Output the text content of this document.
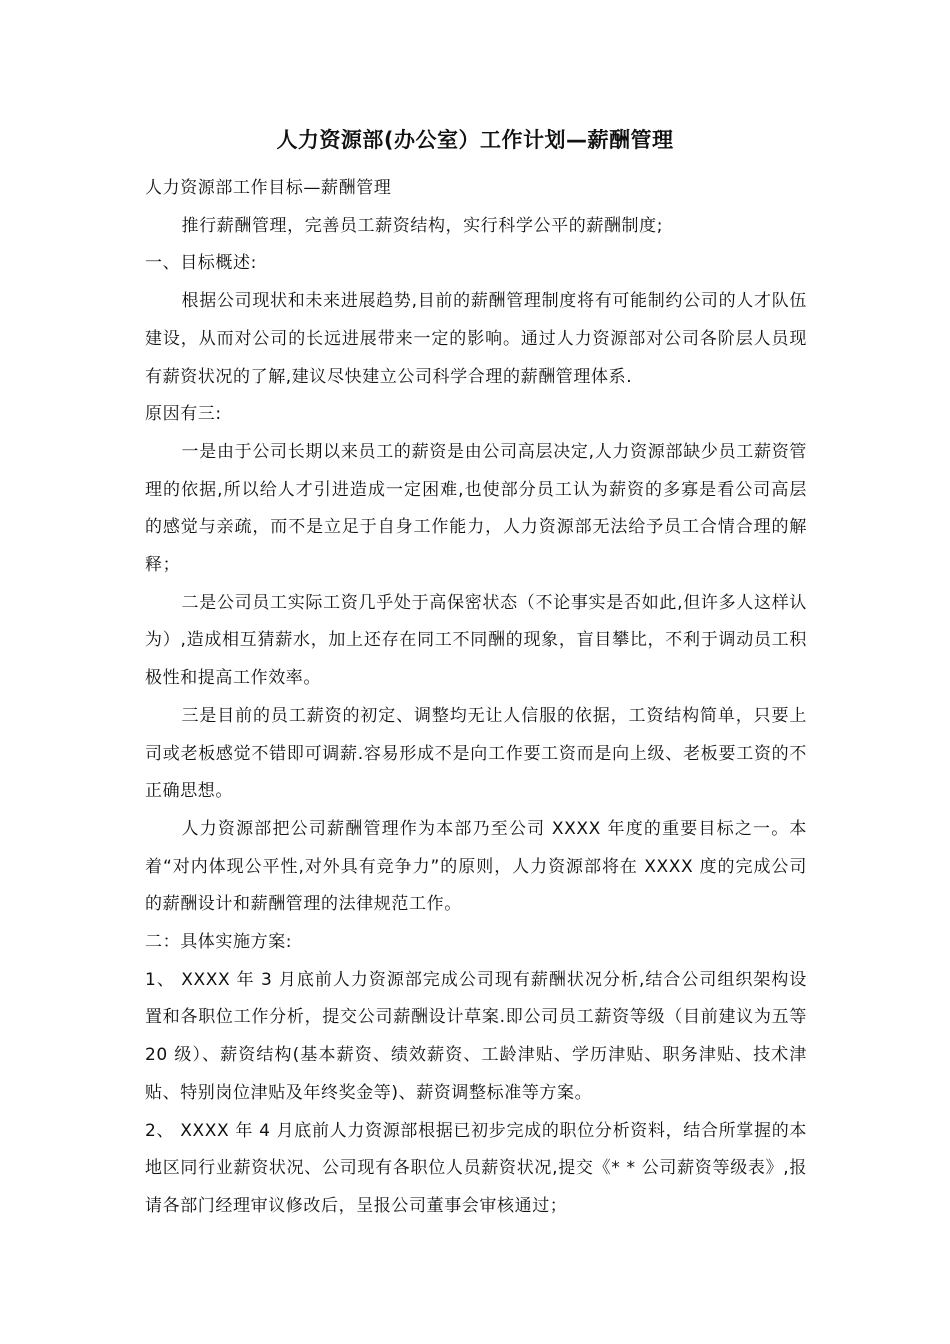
人力资源部(办公室）工作计划—薪酬管理

人力资源部工作目标—薪酬管理

推行薪酬管理，完善员工薪资结构，实行科学公平的薪酬制度;

一、目标概述:

根据公司现状和未来进展趋势,目前的薪酬管理制度将有可能制约公司的人才队伍建设，从而对公司的长远进展带来一定的影响。通过人力资源部对公司各阶层人员现有薪资状况的了解,建议尽快建立公司科学合理的薪酬管理体系.

原因有三:

一是由于公司长期以来员工的薪资是由公司高层决定,人力资源部缺少员工薪资管理的依据,所以给人才引进造成一定困难,也使部分员工认为薪资的多寡是看公司高层的感觉与亲疏，而不是立足于自身工作能力，人力资源部无法给予员工合情合理的解释；

二是公司员工实际工资几乎处于高保密状态（不论事实是否如此,但许多人这样认为）,造成相互猜薪水，加上还存在同工不同酬的现象，盲目攀比，不利于调动员工积极性和提高工作效率。

三是目前的员工薪资的初定、调整均无让人信服的依据，工资结构简单，只要上司或老板感觉不错即可调薪.容易形成不是向工作要工资而是向上级、老板要工资的不正确思想。

人力资源部把公司薪酬管理作为本部乃至公司 XXXX 年度的重要目标之一。本着“对内体现公平性,对外具有竞争力”的原则，人力资源部将在 XXXX 度的完成公司的薪酬设计和薪酬管理的法律规范工作。

二：具体实施方案:

1、 XXXX 年 3 月底前人力资源部完成公司现有薪酬状况分析,结合公司组织架构设置和各职位工作分析，提交公司薪酬设计草案.即公司员工薪资等级（目前建议为五等 20 级）、薪资结构(基本薪资、绩效薪资、工龄津贴、学历津贴、职务津贴、技术津贴、特别岗位津贴及年终奖金等)、薪资调整标准等方案。

2、 XXXX 年 4 月底前人力资源部根据已初步完成的职位分析资料，结合所掌握的本地区同行业薪资状况、公司现有各职位人员薪资状况,提交《* * 公司薪资等级表》,报请各部门经理审议修改后，呈报公司董事会审核通过；
